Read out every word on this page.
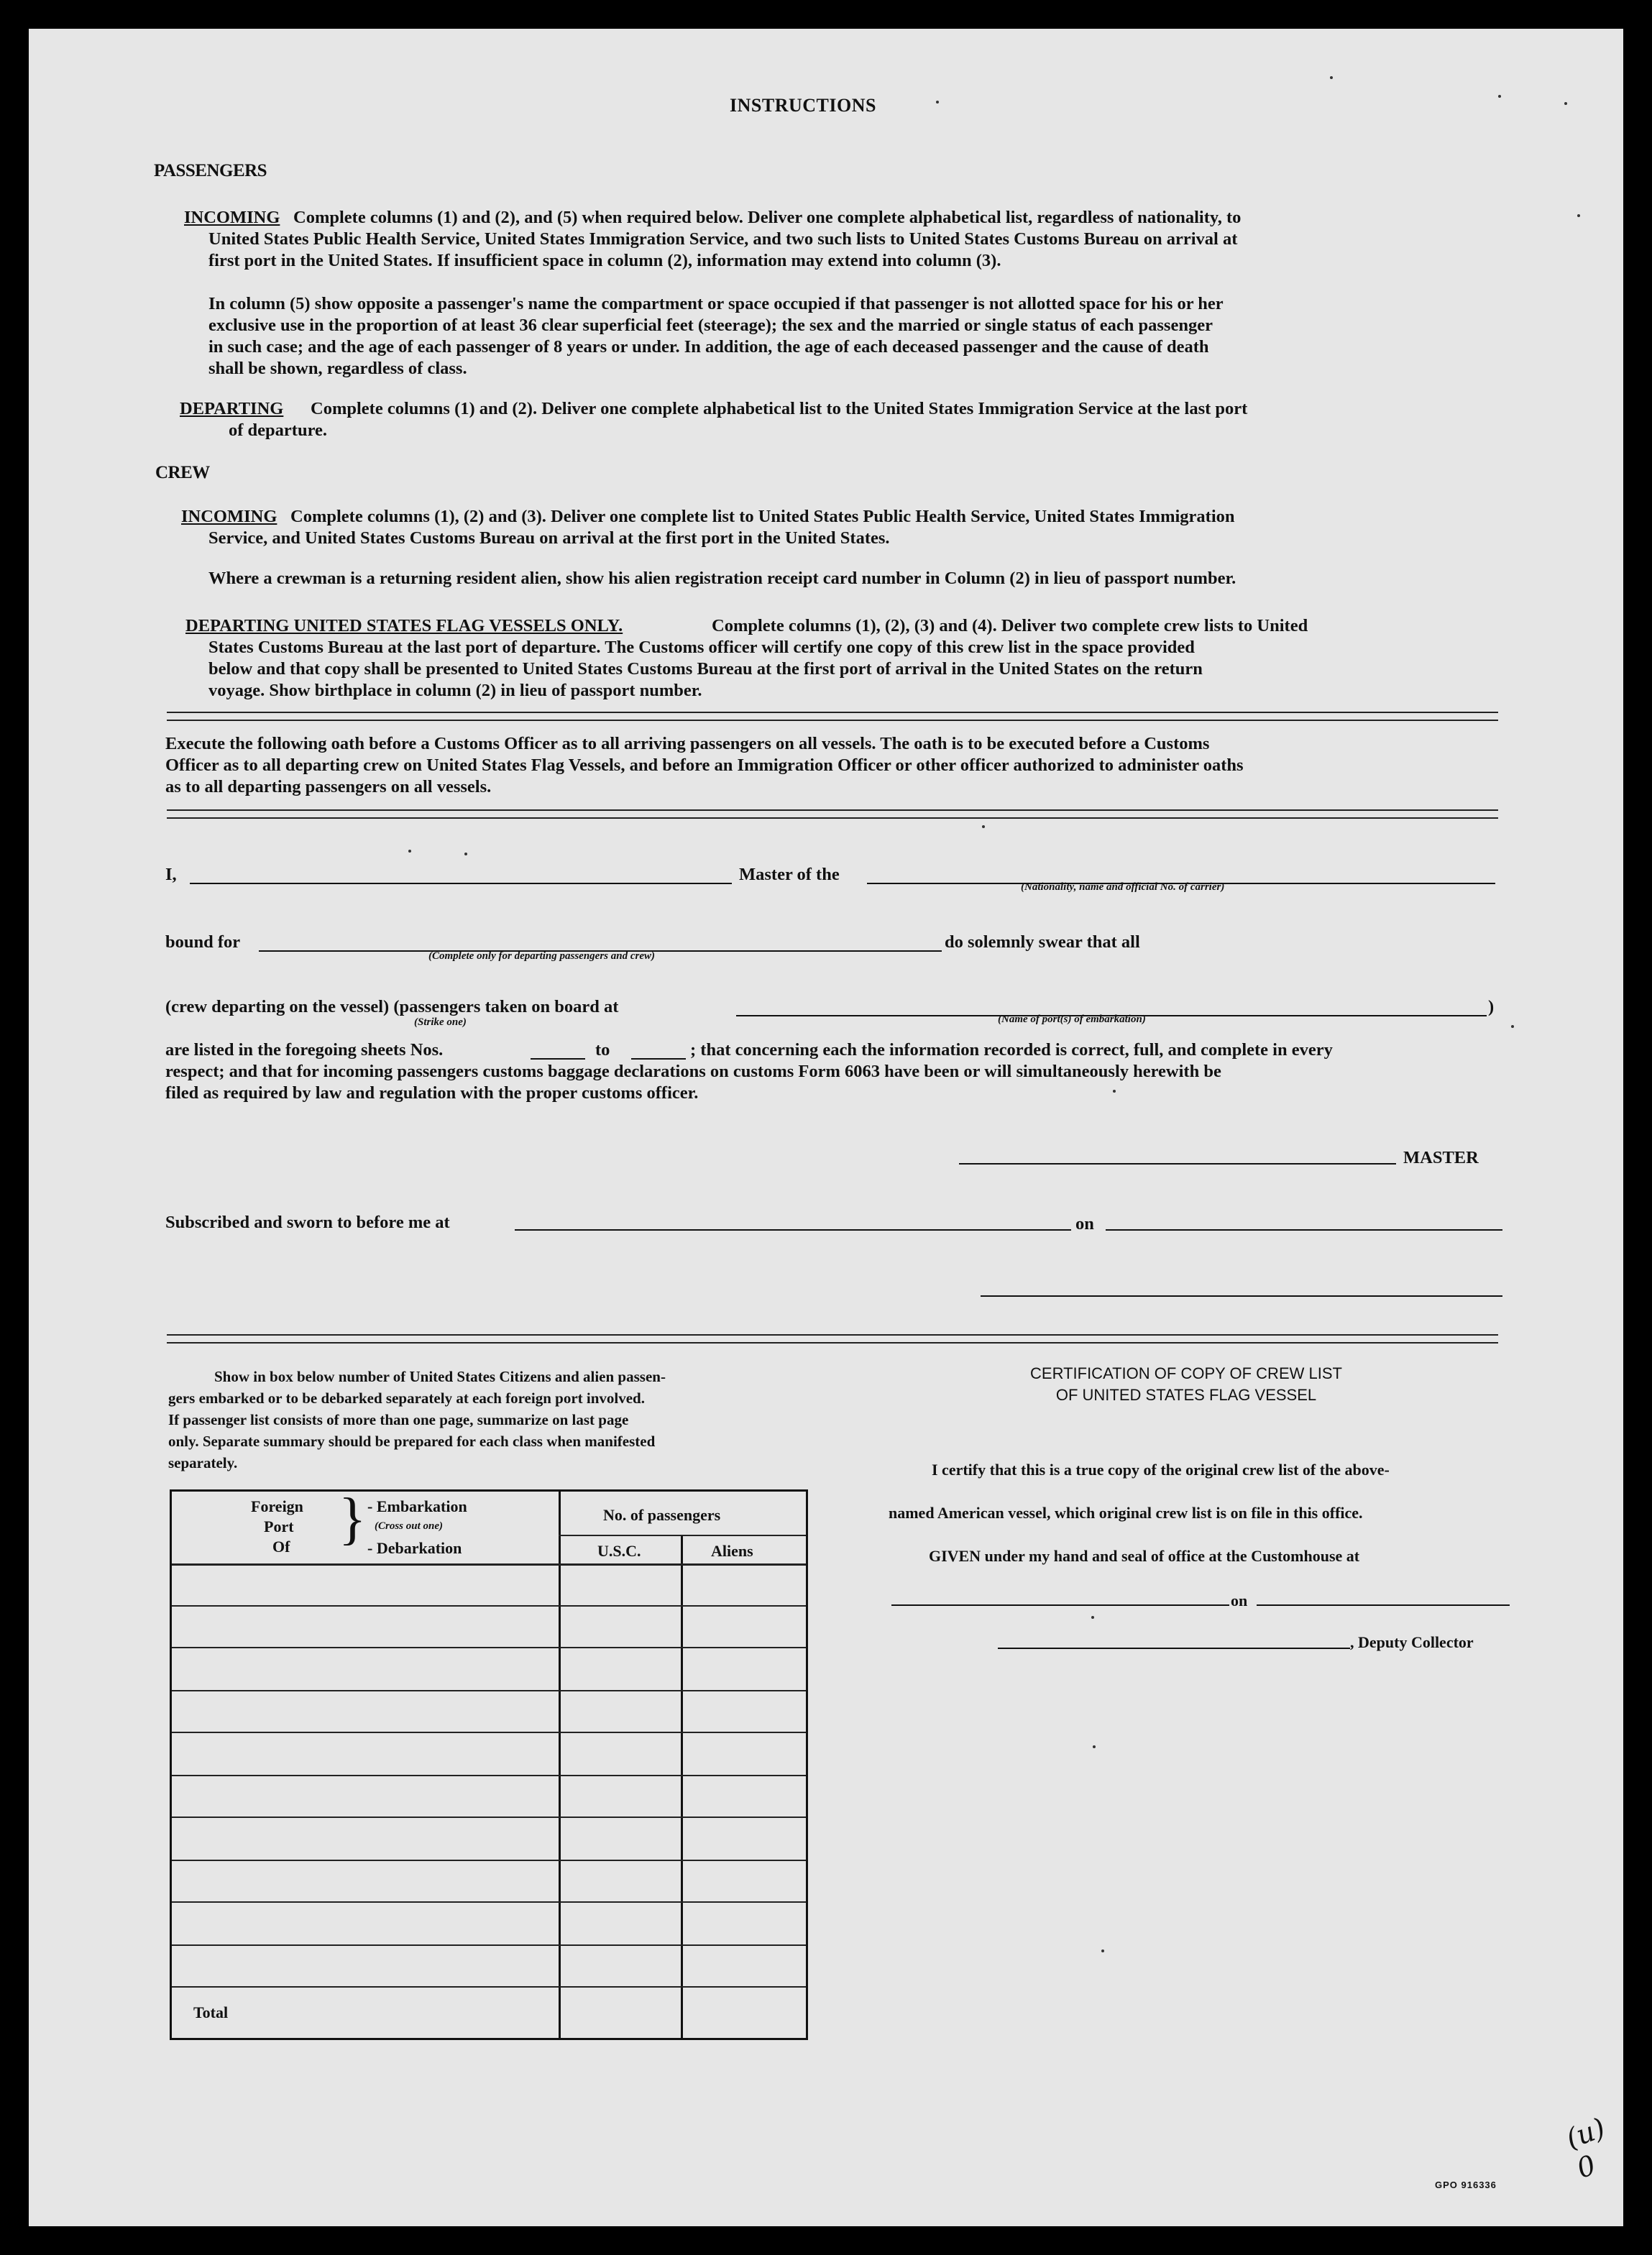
INSTRUCTIONS
PASSENGERS
INCOMING Complete columns (1) and (2), and (5) when required below. Deliver one complete alphabetical list, regardless of nationality, to
United States Public Health Service, United States Immigration Service, and two such lists to United States Customs Bureau on arrival at
first port in the United States. If insufficient space in column (2), information may extend into column (3).
In column (5) show opposite a passenger's name the compartment or space occupied if that passenger is not allotted space for his or her
exclusive use in the proportion of at least 36 clear superficial feet (steerage); the sex and the married or single status of each passenger
in such case; and the age of each passenger of 8 years or under. In addition, the age of each deceased passenger and the cause of death
shall be shown, regardless of class.
DEPARTING Complete columns (1) and (2). Deliver one complete alphabetical list to the United States Immigration Service at the last port
of departure.
CREW
INCOMING Complete columns (1), (2) and (3). Deliver one complete list to United States Public Health Service, United States Immigration
Service, and United States Customs Bureau on arrival at the first port in the United States.
Where a crewman is a returning resident alien, show his alien registration receipt card number in Column (2) in lieu of passport number.
DEPARTING UNITED STATES FLAG VESSELS ONLY.	Complete columns (1), (2), (3) and (4). Deliver two complete crew lists to United
States Customs Bureau at the last port of departure. The Customs officer will certify one copy of this crew list in the space provided
below and that copy shall be presented to United States Customs Bureau at the first port of arrival in the United States on the return
voyage. Show birthplace in column (2) in lieu of passport number.
Execute the following oath before a Customs Officer as to all arriving passengers on all vessels. The oath is to be executed before a Customs
Officer as to all departing crew on United States Flag Vessels, and before an Immigration Officer or other officer authorized to administer oaths
as to all departing passengers on all vessels.
I,	Master of the
(Nationality, name and official No. of carrier)
bound for	do solemnly swear that all
(Complete only for departing passengers and crew)
(crew departing on the vessel) (passengers taken on board at	)
(Strike one)	(Name of port(s) of embarkation)
are listed in the foregoing sheets Nos.	to	; that concerning each the information recorded is correct, full, and complete in every
respect; and that for incoming passengers customs baggage declarations on customs Form 6063 have been or will simultaneously herewith be
filed as required by law and regulation with the proper customs officer.
MASTER
Subscribed and sworn to before me at	on
Show in box below number of United States Citizens and alien passen-
gers embarked or to be debarked separately at each foreign port involved.
If passenger list consists of more than one page, summarize on last page
only. Separate summary should be prepared for each class when manifested
separately.
Foreign
Port
Of } - Embarkation
(Cross out one)
- Debarkation
No. of passengers
U.S.C.	Aliens
Total
CERTIFICATION OF COPY OF CREW LIST
OF UNITED STATES FLAG VESSEL
I certify that this is a true copy of the original crew list of the above-
named American vessel, which original crew list is on file in this office.
GIVEN under my hand and seal of office at the Customhouse at
on
, Deputy Collector
GPO 916336
(u) 0
